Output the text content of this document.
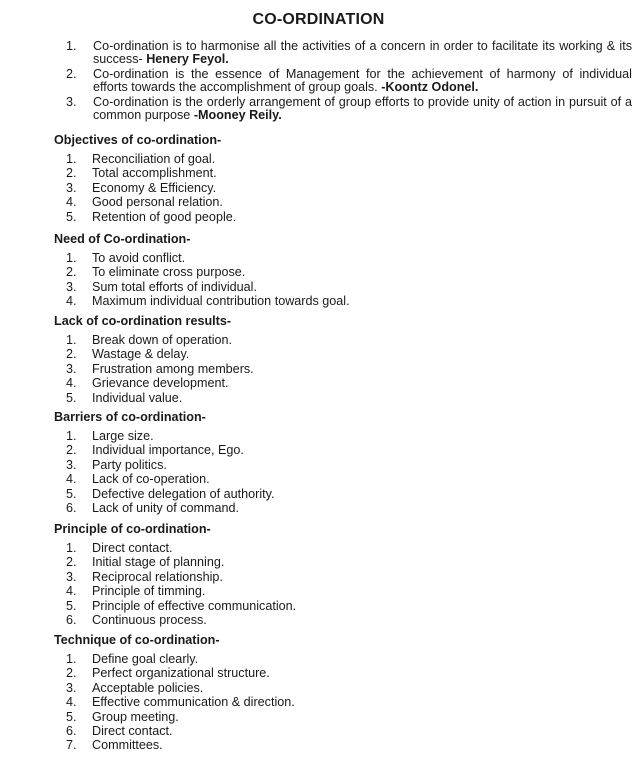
CO-ORDINATION
1.	Co-ordination is to harmonise all the activities of a concern in order to facilitate its working & its success- Henery Feyol.
2.	Co-ordination is the essence of Management for the achievement of harmony of individual efforts towards the accomplishment of group goals. -Koontz Odonel.
3.	Co-ordination is the orderly arrangement of group efforts to provide unity of action in pursuit of a common purpose -Mooney Reily.
Objectives of co-ordination-
1.	Reconciliation of goal.
2.	Total accomplishment.
3.	Economy & Efficiency.
4.	Good personal relation.
5.	Retention of good people.
Need of Co-ordination-
1.	To avoid conflict.
2.	To eliminate cross purpose.
3.	Sum total efforts of individual.
4.	Maximum individual contribution towards goal.
Lack of co-ordination results-
1.	Break down of operation.
2.	Wastage & delay.
3.	Frustration among members.
4.	Grievance development.
5.	Individual value.
Barriers of co-ordination-
1.	Large size.
2.	Individual importance, Ego.
3.	Party politics.
4.	Lack of co-operation.
5.	Defective delegation of authority.
6.	Lack of unity of command.
Principle of co-ordination-
1.	Direct contact.
2.	Initial stage of planning.
3.	Reciprocal relationship.
4.	Principle of timming.
5.	Principle of effective communication.
6.	Continuous process.
Technique of co-ordination-
1.	Define goal clearly.
2.	Perfect organizational structure.
3.	Acceptable policies.
4.	Effective communication & direction.
5.	Group meeting.
6.	Direct contact.
7.	Committees.
